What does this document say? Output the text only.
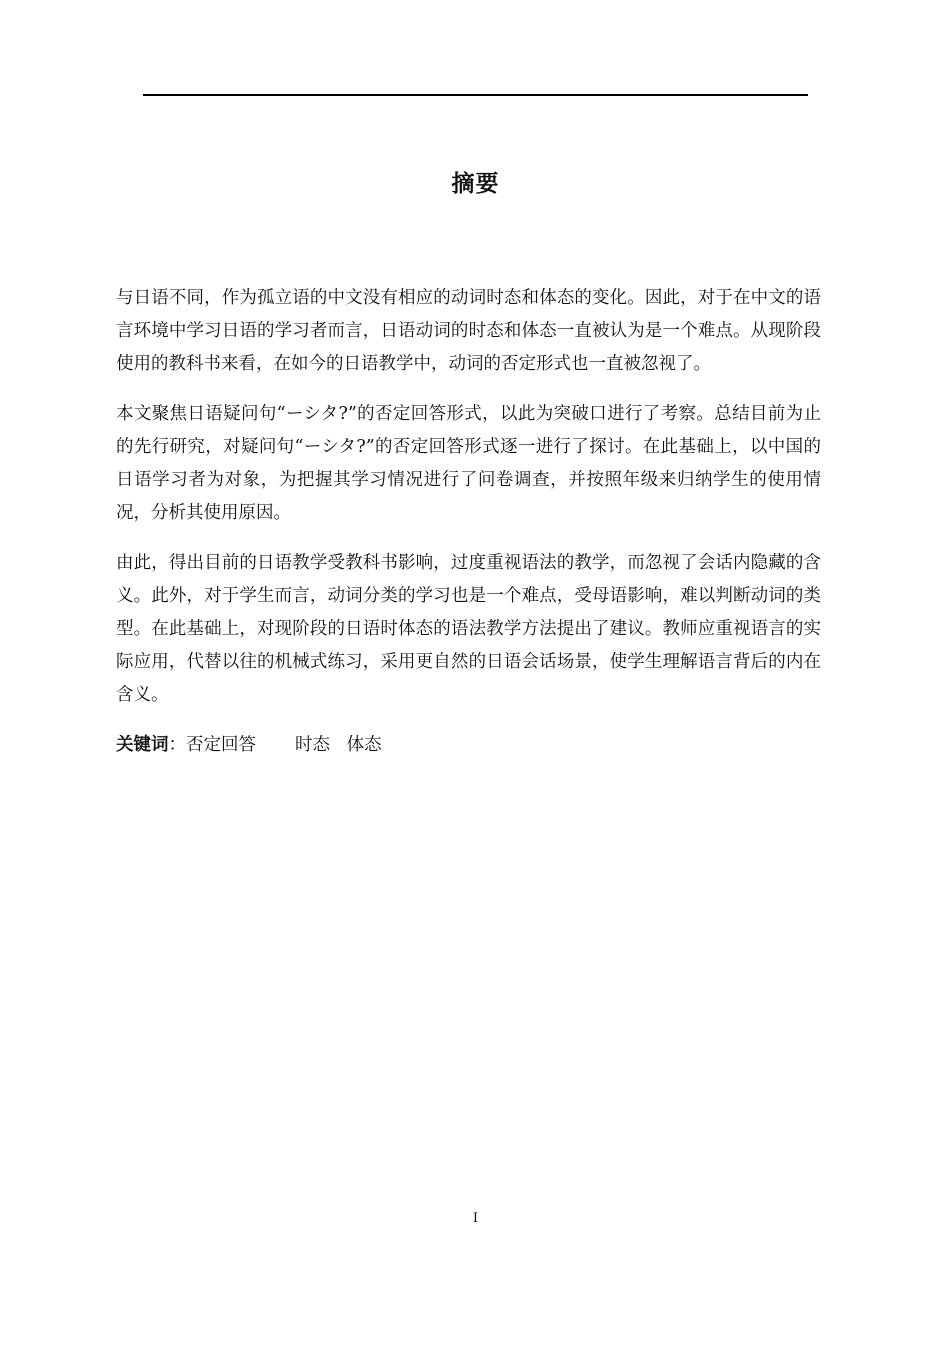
摘要

与日语不同，作为孤立语的中文没有相应的动词时态和体态的变化。因此，对于在中文的语言环境中学习日语的学习者而言，日语动词的时态和体态一直被认为是一个难点。从现阶段使用的教科书来看，在如今的日语教学中，动词的否定形式也一直被忽视了。

本文聚焦日语疑问句“ーシタ?”的否定回答形式，以此为突破口进行了考察。总结目前为止的先行研究，对疑问句“ーシタ?”的否定回答形式逐一进行了探讨。在此基础上，以中国的日语学习者为对象，为把握其学习情况进行了问卷调查，并按照年级来归纳学生的使用情况，分析其使用原因。

由此，得出目前的日语教学受教科书影响，过度重视语法的教学，而忽视了会话内隐藏的含义。此外，对于学生而言，动词分类的学习也是一个难点，受母语影响，难以判断动词的类型。在此基础上，对现阶段的日语时体态的语法教学方法提出了建议。教师应重视语言的实际应用，代替以往的机械式练习，采用更自然的日语会话场景，使学生理解语言背后的内在含义。

关键词：否定回答 时态 体态
I
